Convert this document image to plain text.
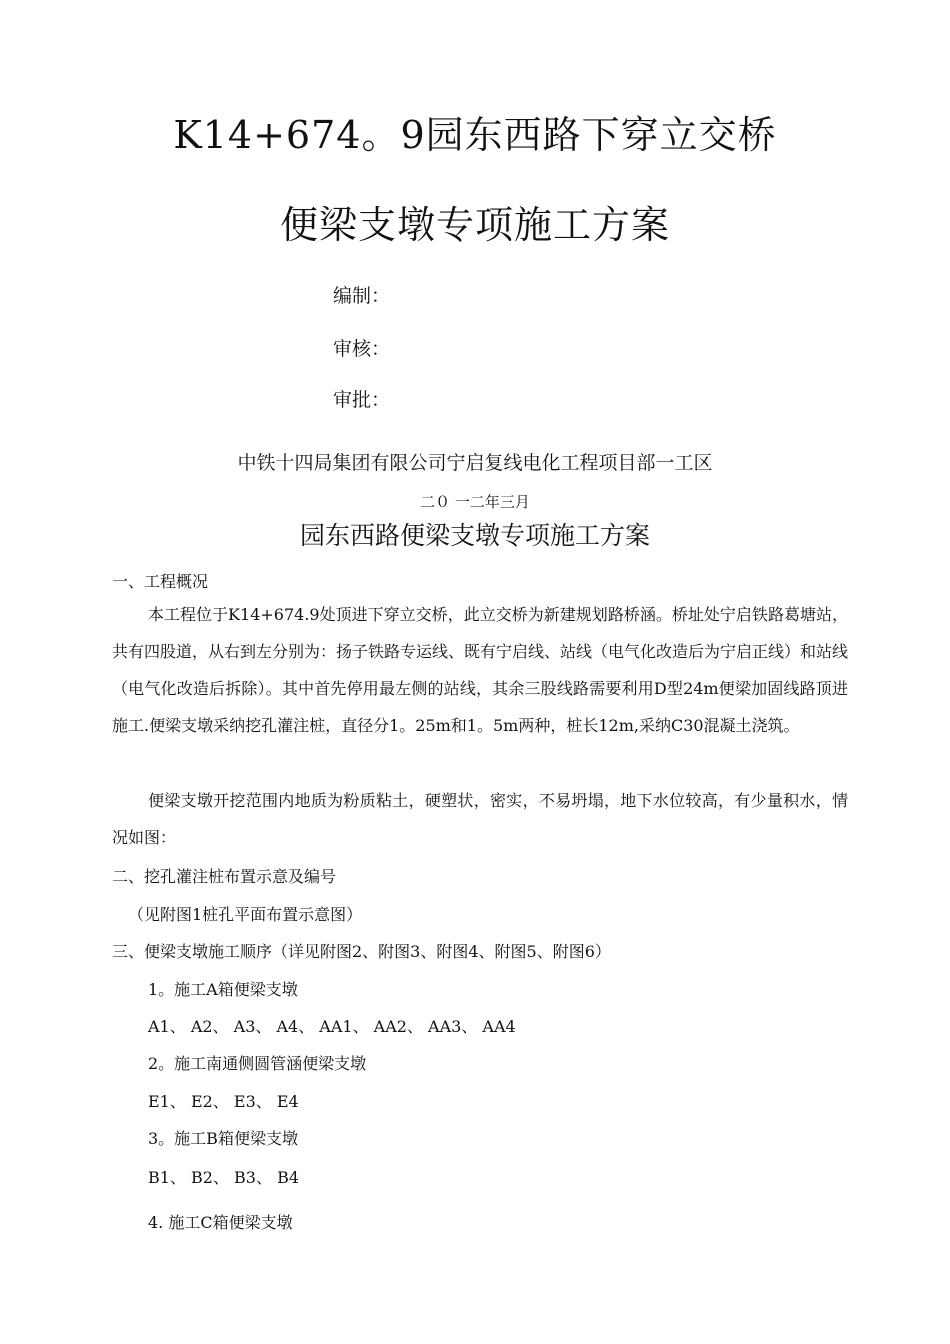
K14+674。9园东西路下穿立交桥
便梁支墩专项施工方案
编制：
审核：
审批：
中铁十四局集团有限公司宁启复线电化工程项目部一工区
二０ 一二年三月
园东西路便梁支墩专项施工方案
一、工程概况
本工程位于K14+674.9处顶进下穿立交桥，此立交桥为新建规划路桥涵。桥址处宁启铁路葛塘站，共有四股道，从右到左分别为：扬子铁路专运线、既有宁启线、站线（电气化改造后为宁启正线）和站线（电气化改造后拆除）。其中首先停用最左侧的站线，其余三股线路需要利用D型24m便梁加固线路顶进施工.便梁支墩采纳挖孔灌注桩，直径分1。25m和1。5m两种，桩长12m,采纳C30混凝土浇筑。
便梁支墩开挖范围内地质为粉质粘土，硬塑状，密实，不易坍塌，地下水位较高，有少量积水，情况如图：
二、挖孔灌注桩布置示意及编号
（见附图1桩孔平面布置示意图）
三、便梁支墩施工顺序（详见附图2、附图3、附图4、附图5、附图6）
1。施工A箱便梁支墩
A1、 A2、 A3、 A4、 AA1、 AA2、 AA3、 AA4
2。施工南通侧圆管涵便梁支墩
E1、 E2、 E3、 E4
3。施工B箱便梁支墩
B1、 B2、 B3、 B4
4. 施工C箱便梁支墩
